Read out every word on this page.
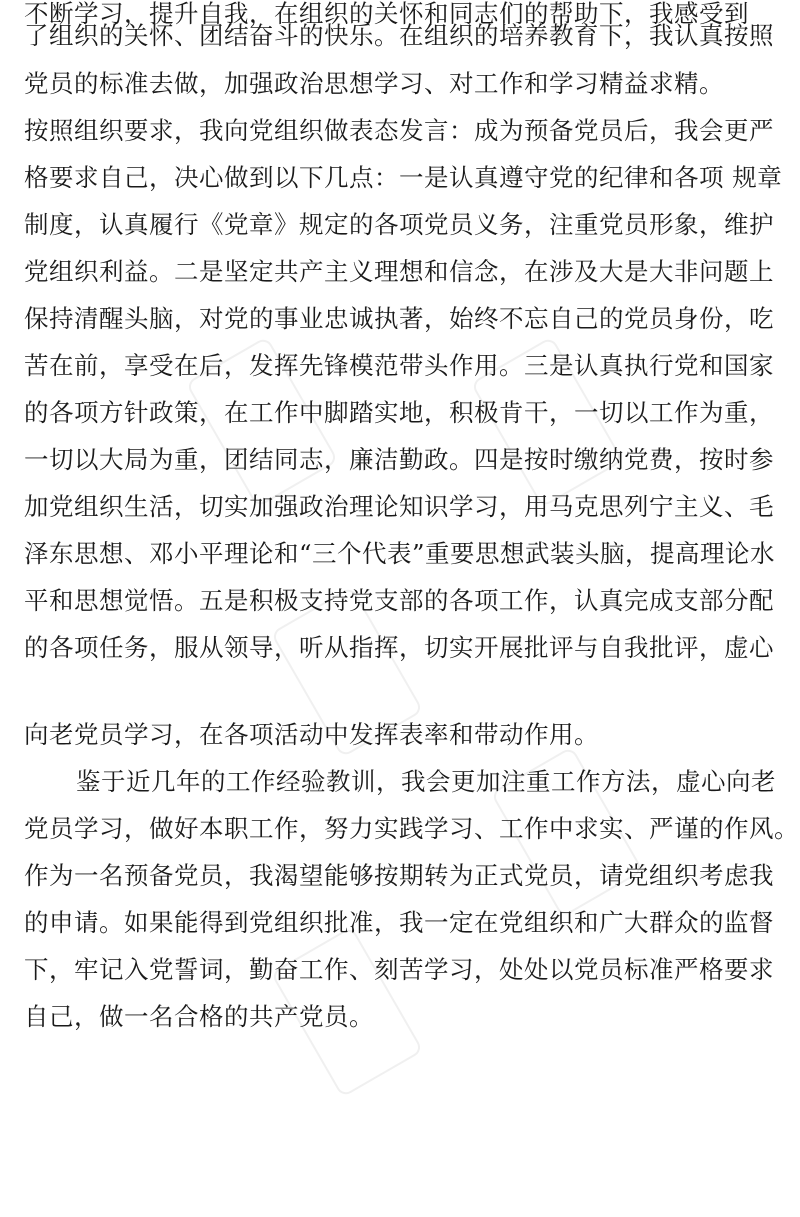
不断学习，提升自我，在组织的关怀和同志们的帮助下，我感受到
了组织的关怀、团结奋斗的快乐。在组织的培养教育下，我认真按照
党员的标准去做，加强政治思想学习、对工作和学习精益求精。
按照组织要求，我向党组织做表态发言：成为预备党员后，我会更严
格要求自己，决心做到以下几点：一是认真遵守党的纪律和各项 规章
制度，认真履行《党章》规定的各项党员义务，注重党员形象，维护
党组织利益。二是坚定共产主义理想和信念，在涉及大是大非问题上
保持清醒头脑，对党的事业忠诚执著，始终不忘自己的党员身份，吃
苦在前，享受在后，发挥先锋模范带头作用。三是认真执行党和国家
的各项方针政策，在工作中脚踏实地，积极肯干，一切以工作为重，
一切以大局为重，团结同志，廉洁勤政。四是按时缴纳党费，按时参
加党组织生活，切实加强政治理论知识学习，用马克思列宁主义、毛
泽东思想、邓小平理论和“三个代表”重要思想武装头脑，提高理论水
平和思想觉悟。五是积极支持党支部的各项工作，认真完成支部分配
的各项任务，服从领导，听从指挥，切实开展批评与自我批评，虚心
向老党员学习，在各项活动中发挥表率和带动作用。
鉴于近几年的工作经验教训，我会更加注重工作方法，虚心向老
党员学习，做好本职工作，努力实践学习、工作中求实、严谨的作风。
作为一名预备党员，我渴望能够按期转为正式党员，请党组织考虑我
的申请。如果能得到党组织批准，我一定在党组织和广大群众的监督
下，牢记入党誓词，勤奋工作、刻苦学习，处处以党员标准严格要求
自己，做一名合格的共产党员。
